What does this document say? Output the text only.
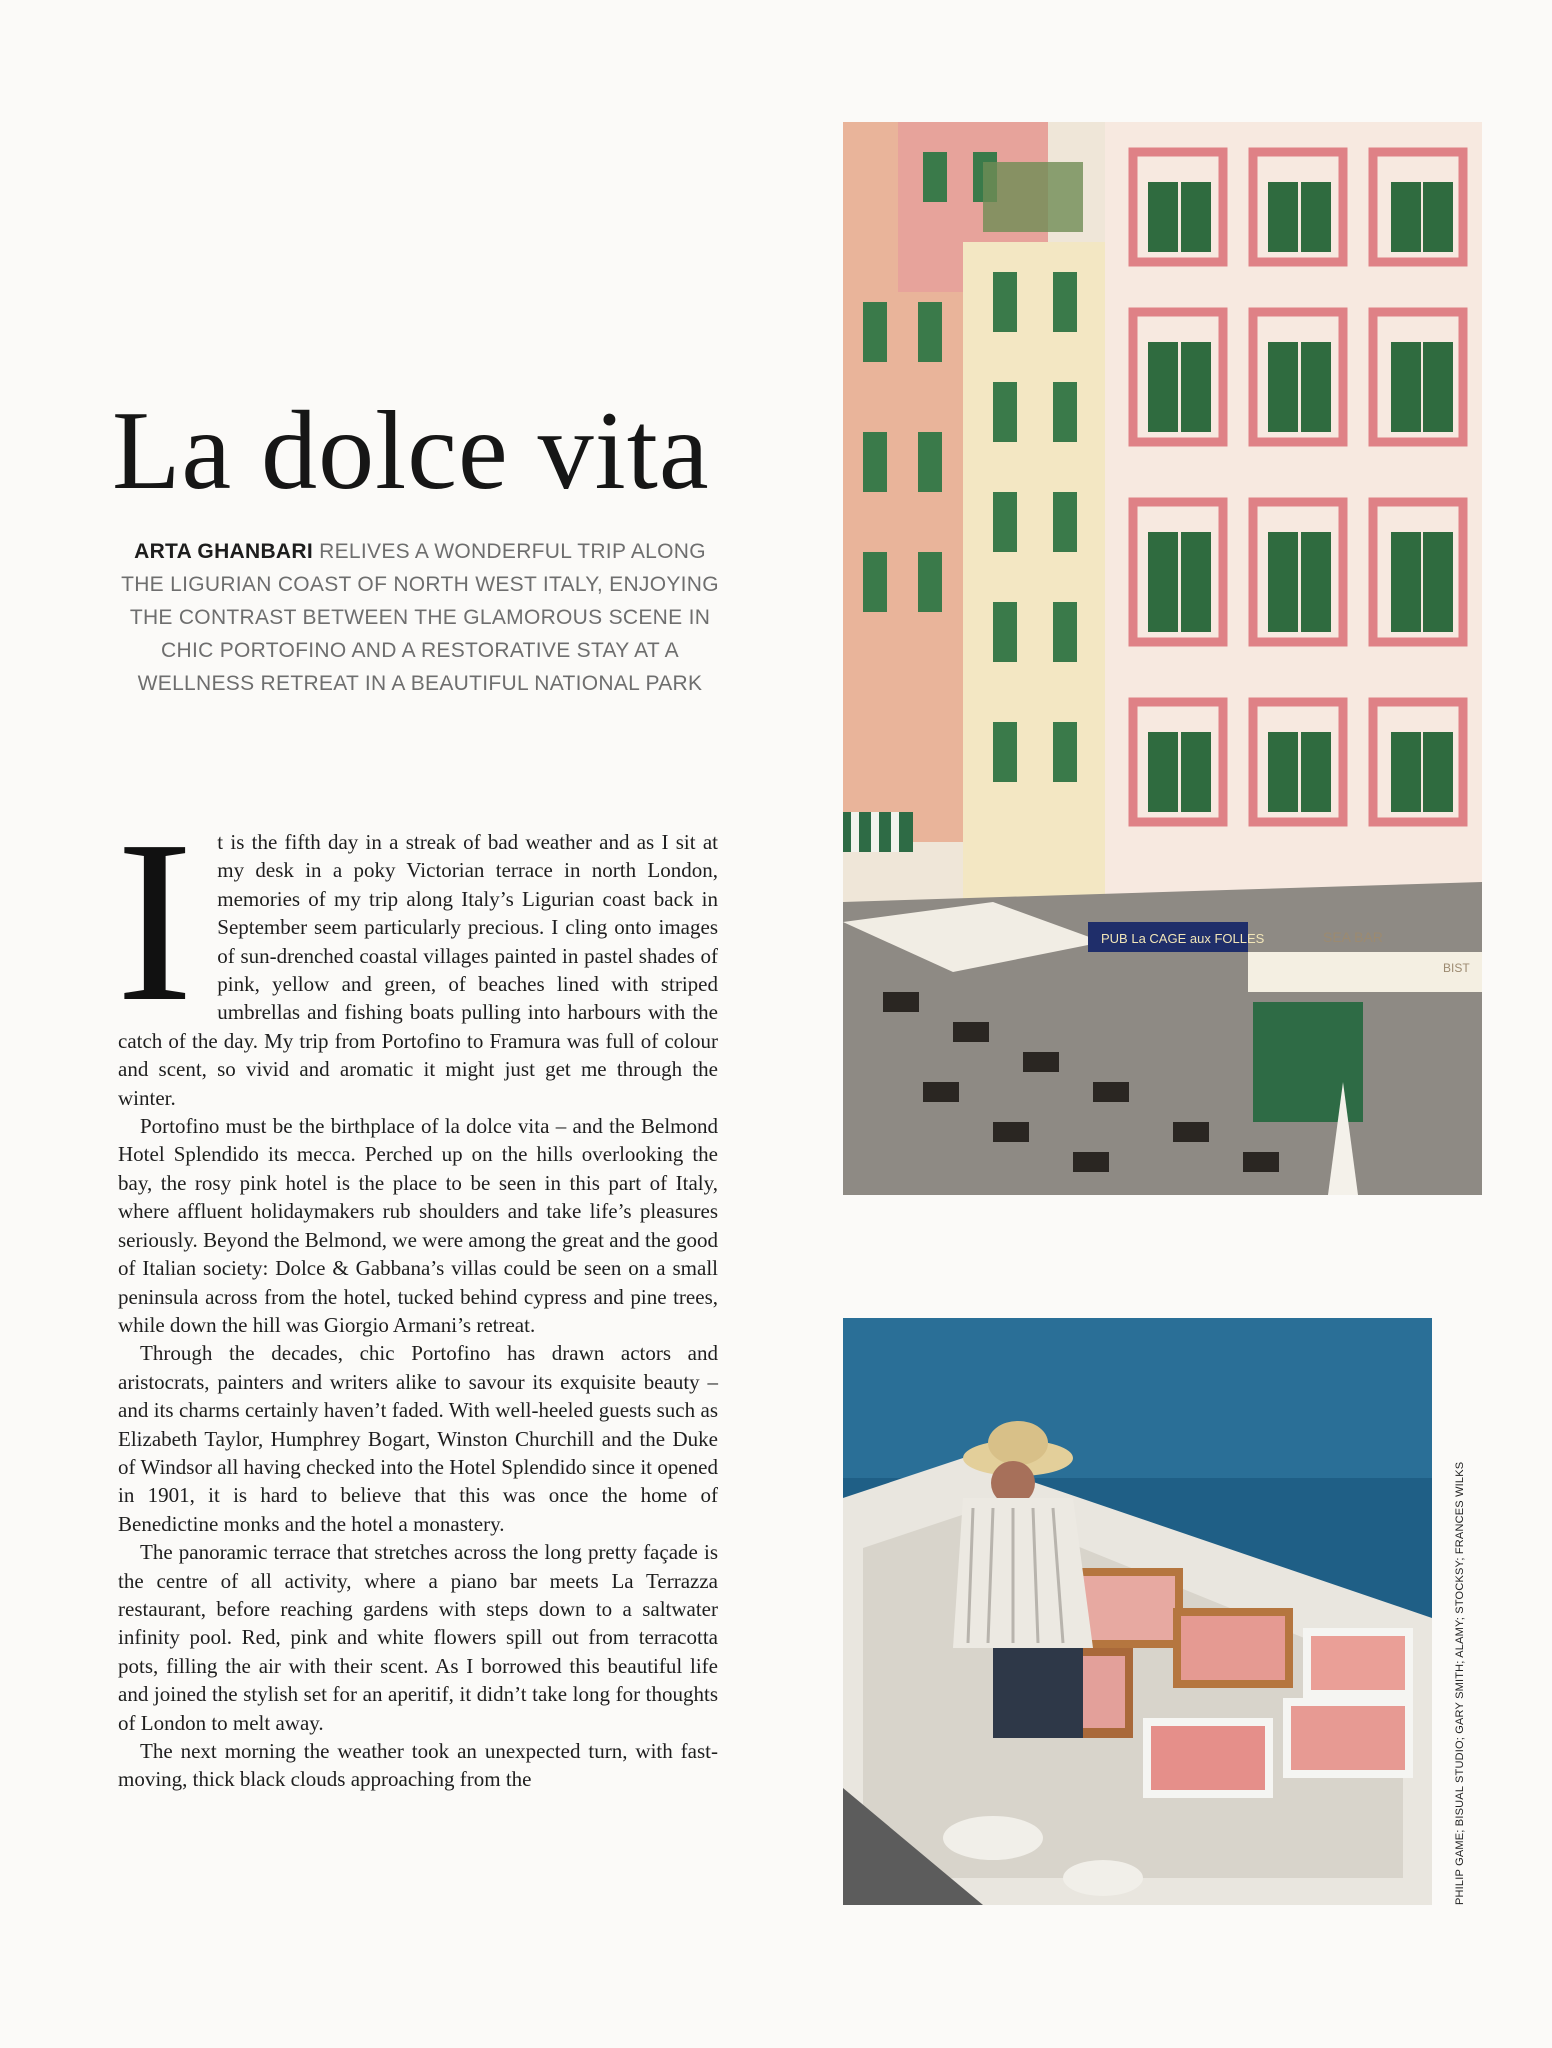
La dolce vita
ARTA GHANBARI RELIVES A WONDERFUL TRIP ALONG THE LIGURIAN COAST OF NORTH WEST ITALY, ENJOYING THE CONTRAST BETWEEN THE GLAMOROUS SCENE IN CHIC PORTOFINO AND A RESTORATIVE STAY AT A WELLNESS RETREAT IN A BEAUTIFUL NATIONAL PARK

I t is the fifth day in a streak of bad weather and as I sit at my desk in a poky Victorian terrace in north London, memories of my trip along Italy’s Ligurian coast back in September seem particularly precious. I cling onto images of sun-drenched coastal villages painted in pastel shades of pink, yellow and green, of beaches lined with striped umbrellas and fishing boats pulling into harbours with the catch of the day. My trip from Portofino to Framura was full of colour and scent, so vivid and aromatic it might just get me through the winter.

Portofino must be the birthplace of la dolce vita – and the Belmond Hotel Splendido its mecca. Perched up on the hills overlooking the bay, the rosy pink hotel is the place to be seen in this part of Italy, where affluent holidaymakers rub shoulders and take life’s pleasures seriously. Beyond the Belmond, we were among the great and the good of Italian society: Dolce & Gabbana’s villas could be seen on a small peninsula across from the hotel, tucked behind cypress and pine trees, while down the hill was Giorgio Armani’s retreat.

Through the decades, chic Portofino has drawn actors and aristocrats, painters and writers alike to savour its exquisite beauty – and its charms certainly haven’t faded. With well-heeled guests such as Elizabeth Taylor, Humphrey Bogart, Winston Churchill and the Duke of Windsor all having checked into the Hotel Splendido since it opened in 1901, it is hard to believe that this was once the home of Benedictine monks and the hotel a monastery.

The panoramic terrace that stretches across the long pretty façade is the centre of all activity, where a piano bar meets La Terrazza restaurant, before reaching gardens with steps down to a saltwater infinity pool. Red, pink and white flowers spill out from terracotta pots, filling the air with their scent. As I borrowed this beautiful life and joined the stylish set for an aperitif, it didn’t take long for thoughts of London to melt away.

The next morning the weather took an unexpected turn, with fast-moving, thick black clouds approaching from the

PUB La CAGE aux FOLLES	SEA BAR
BIST
PHILIP GAME; BISUAL STUDIO; GARY SMITH; ALAMY; STOCKSY; FRANCES WILKS
